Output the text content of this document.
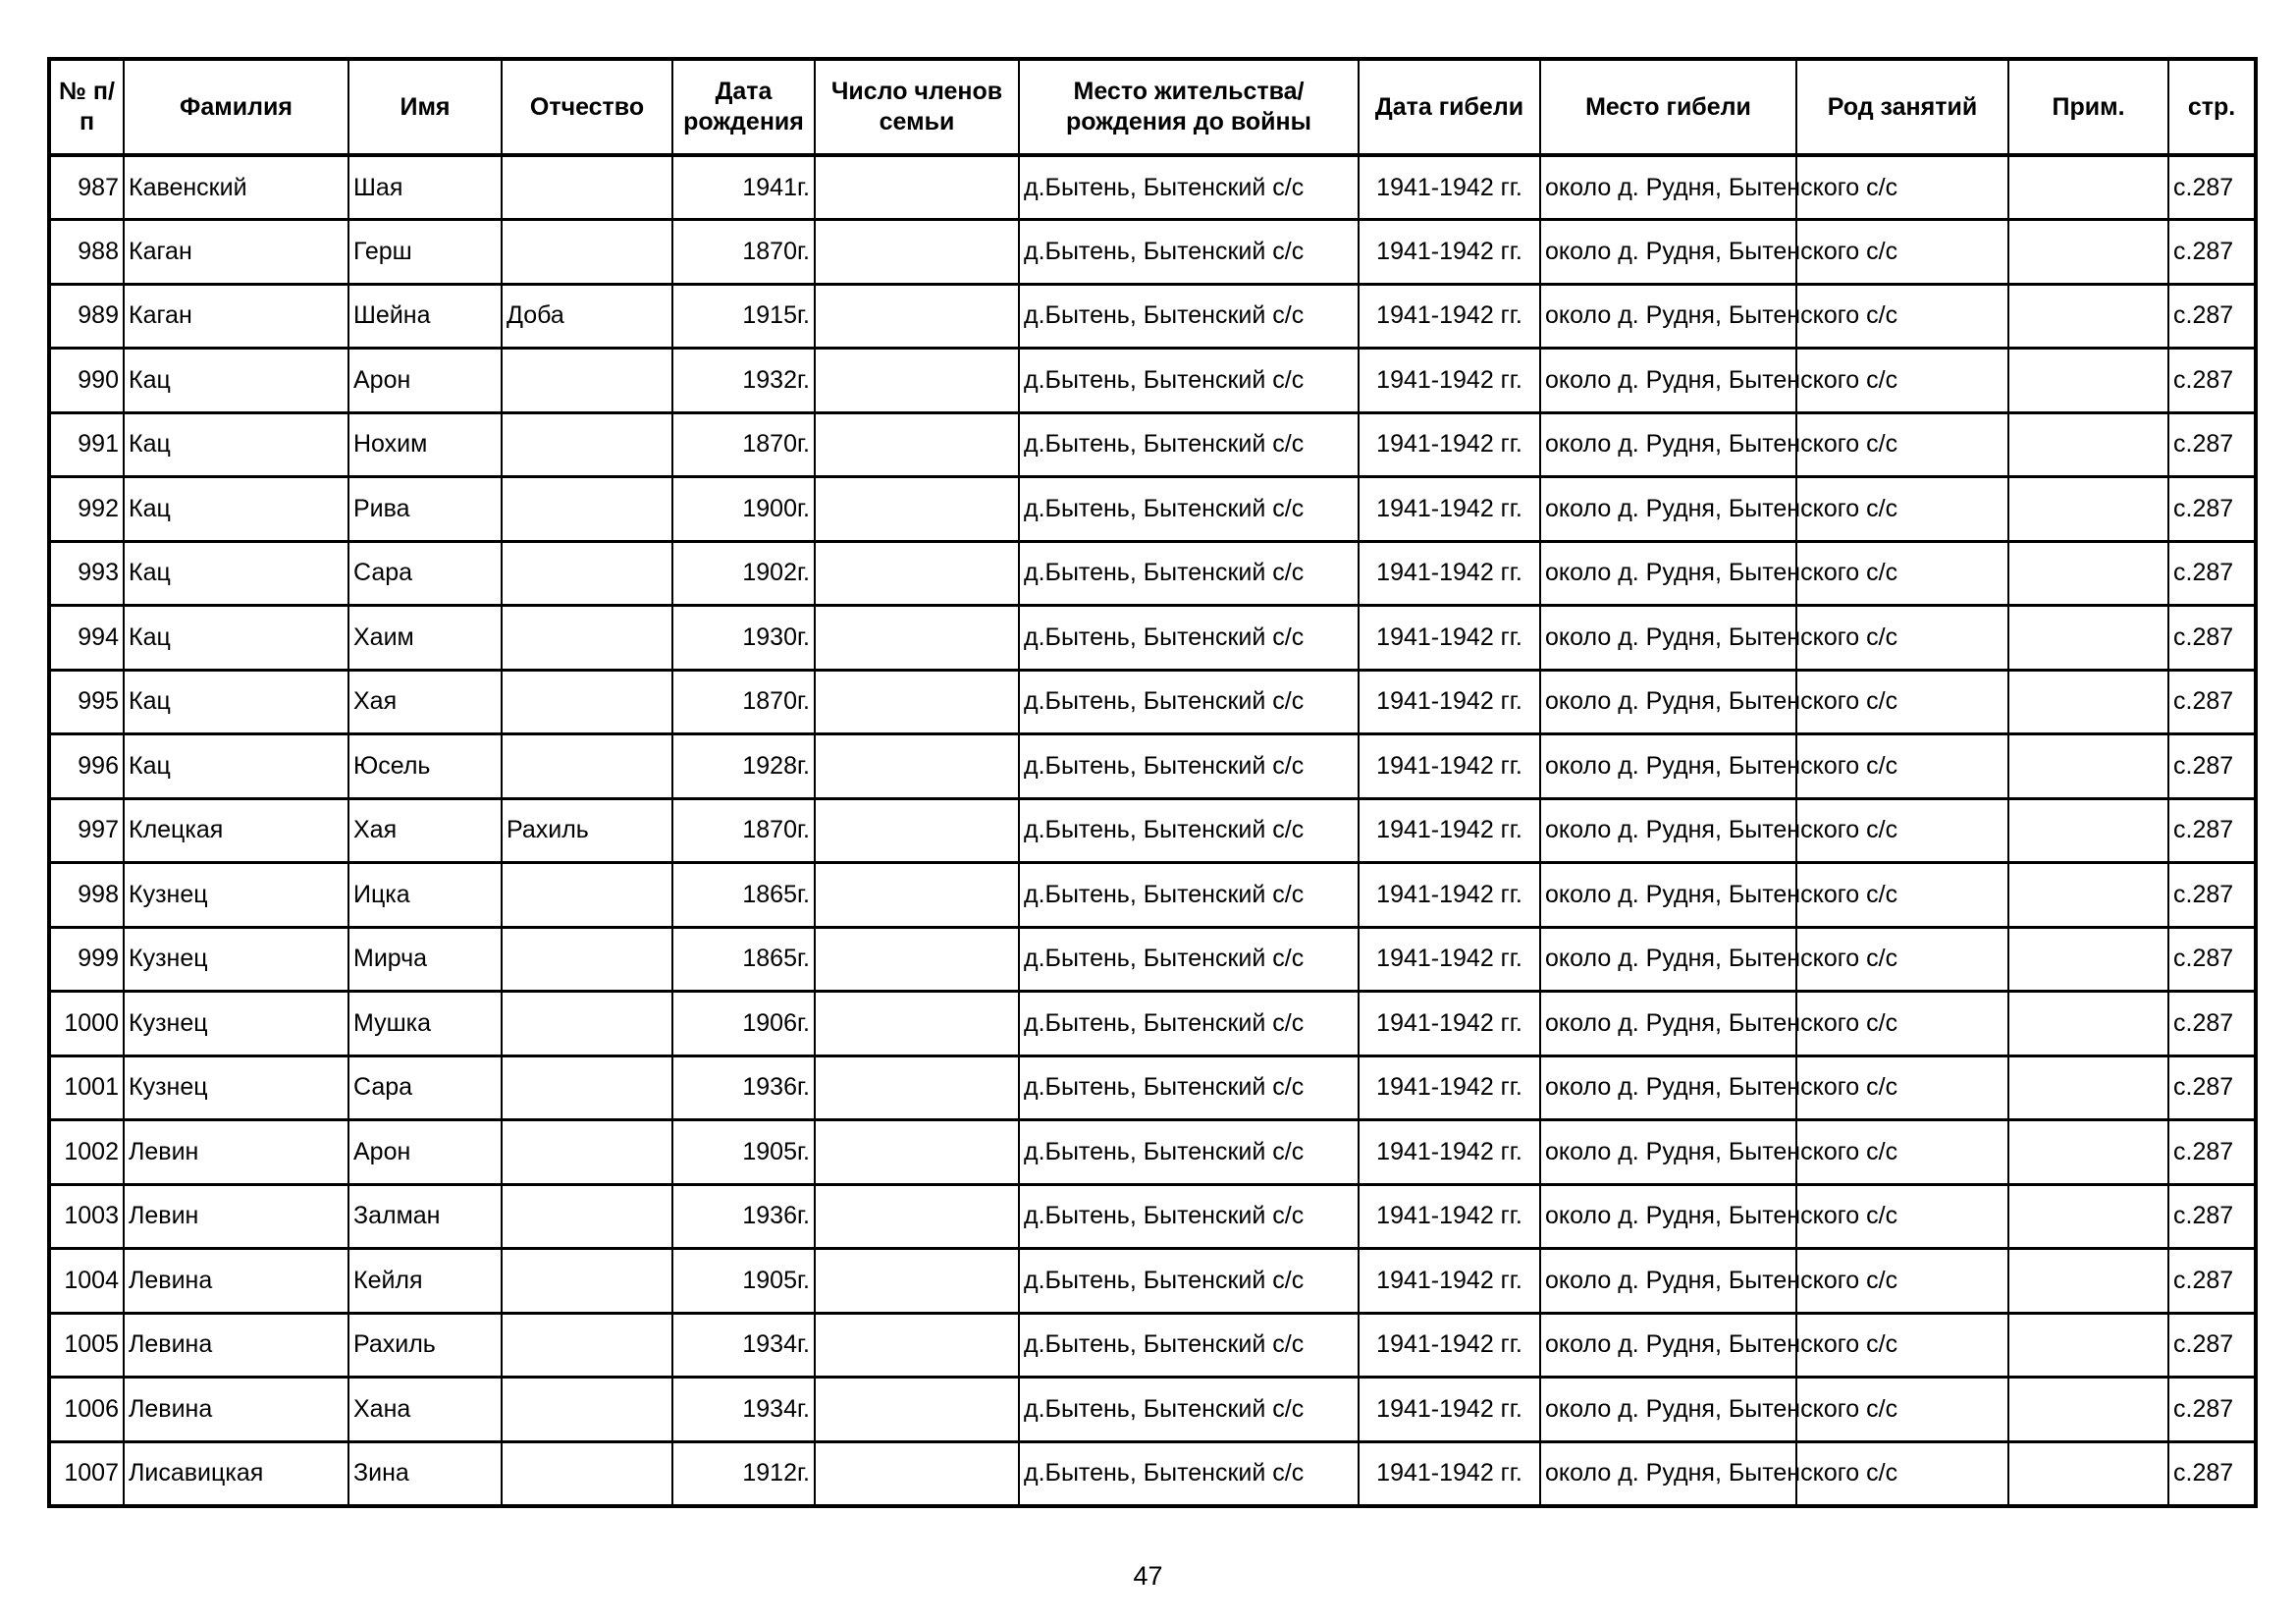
№ п/п	Фамилия	Имя	Отчество	Дата рождения	Число членов семьи	Место жительства/рождения до войны	Дата гибели	Место гибели	Род занятий	Прим.	стр.
987	Кавенский	Шая		1941г.		д.Бытень, Бытенский с/с	1941-1942 гг.	около д. Рудня, Бытенского с/с			с.287
988	Каган	Герш		1870г.		д.Бытень, Бытенский с/с	1941-1942 гг.	около д. Рудня, Бытенского с/с			с.287
989	Каган	Шейна	Доба	1915г.		д.Бытень, Бытенский с/с	1941-1942 гг.	около д. Рудня, Бытенского с/с			с.287
990	Кац	Арон		1932г.		д.Бытень, Бытенский с/с	1941-1942 гг.	около д. Рудня, Бытенского с/с			с.287
991	Кац	Нохим		1870г.		д.Бытень, Бытенский с/с	1941-1942 гг.	около д. Рудня, Бытенского с/с			с.287
992	Кац	Рива		1900г.		д.Бытень, Бытенский с/с	1941-1942 гг.	около д. Рудня, Бытенского с/с			с.287
993	Кац	Сара		1902г.		д.Бытень, Бытенский с/с	1941-1942 гг.	около д. Рудня, Бытенского с/с			с.287
994	Кац	Хаим		1930г.		д.Бытень, Бытенский с/с	1941-1942 гг.	около д. Рудня, Бытенского с/с			с.287
995	Кац	Хая		1870г.		д.Бытень, Бытенский с/с	1941-1942 гг.	около д. Рудня, Бытенского с/с			с.287
996	Кац	Юсель		1928г.		д.Бытень, Бытенский с/с	1941-1942 гг.	около д. Рудня, Бытенского с/с			с.287
997	Клецкая	Хая	Рахиль	1870г.		д.Бытень, Бытенский с/с	1941-1942 гг.	около д. Рудня, Бытенского с/с			с.287
998	Кузнец	Ицка		1865г.		д.Бытень, Бытенский с/с	1941-1942 гг.	около д. Рудня, Бытенского с/с			с.287
999	Кузнец	Мирча		1865г.		д.Бытень, Бытенский с/с	1941-1942 гг.	около д. Рудня, Бытенского с/с			с.287
1000	Кузнец	Мушка		1906г.		д.Бытень, Бытенский с/с	1941-1942 гг.	около д. Рудня, Бытенского с/с			с.287
1001	Кузнец	Сара		1936г.		д.Бытень, Бытенский с/с	1941-1942 гг.	около д. Рудня, Бытенского с/с			с.287
1002	Левин	Арон		1905г.		д.Бытень, Бытенский с/с	1941-1942 гг.	около д. Рудня, Бытенского с/с			с.287
1003	Левин	Залман		1936г.		д.Бытень, Бытенский с/с	1941-1942 гг.	около д. Рудня, Бытенского с/с			с.287
1004	Левина	Кейля		1905г.		д.Бытень, Бытенский с/с	1941-1942 гг.	около д. Рудня, Бытенского с/с			с.287
1005	Левина	Рахиль		1934г.		д.Бытень, Бытенский с/с	1941-1942 гг.	около д. Рудня, Бытенского с/с			с.287
1006	Левина	Хана		1934г.		д.Бытень, Бытенский с/с	1941-1942 гг.	около д. Рудня, Бытенского с/с			с.287
1007	Лисавицкая	Зина		1912г.		д.Бытень, Бытенский с/с	1941-1942 гг.	около д. Рудня, Бытенского с/с			с.287
47
